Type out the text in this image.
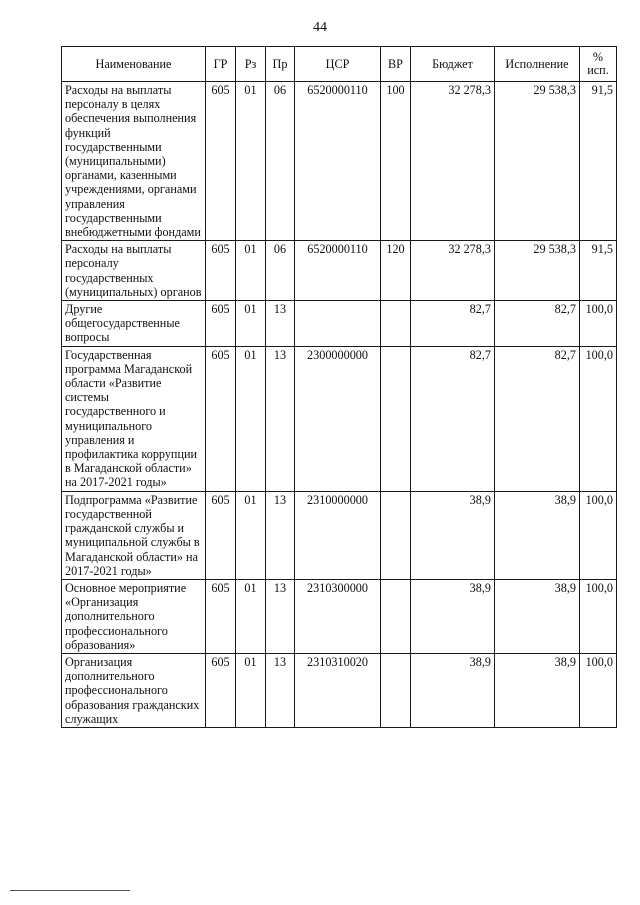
44
Наименование	ГР	Рз	Пр	ЦСР	ВР	Бюджет	Исполнение	%
исп.
Расходы на выплаты персоналу в целях обеспечения выполнения функций государственными (муниципальными) органами, казенными учреждениями, органами управления государственными внебюджетными фондами	605	01	06	6520000110	100	32 278,3	29 538,3	91,5
Расходы на выплаты персоналу государственных (муниципальных) органов	605	01	06	6520000110	120	32 278,3	29 538,3	91,5
Другие общегосударственные вопросы	605	01	13			82,7	82,7	100,0
Государственная программа Магаданской области «Развитие системы государственного и муниципального управления и профилактика коррупции в Магаданской области» на 2017-2021 годы»	605	01	13	2300000000		82,7	82,7	100,0
Подпрограмма «Развитие государственной гражданской службы и муниципальной службы в Магаданской области» на 2017-2021 годы»	605	01	13	2310000000		38,9	38,9	100,0
Основное мероприятие «Организация дополнительного профессионального образования»	605	01	13	2310300000		38,9	38,9	100,0
Организация дополнительного профессионального образования гражданских служащих	605	01	13	2310310020		38,9	38,9	100,0
